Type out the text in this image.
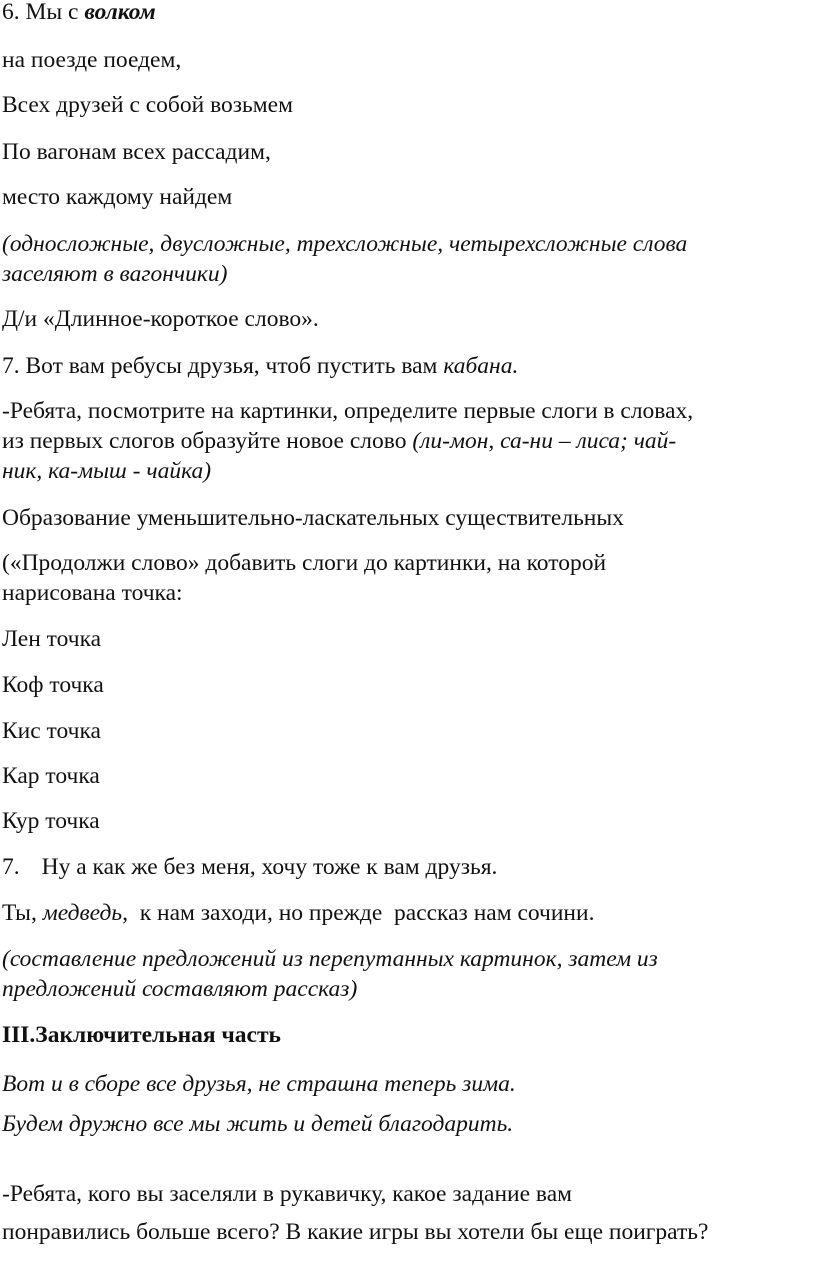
6. Мы с волком
на поезде поедем,
Всех друзей с собой возьмем
По вагонам всех рассадим,
место каждому найдем
(односложные, двусложные, трехсложные, четырехсложные слова
заселяют в вагончики)
Д/и «Длинное-короткое слово».
7. Вот вам ребусы друзья, чтоб пустить вам кабана.
-Ребята, посмотрите на картинки, определите первые слоги в словах,
из первых слогов образуйте новое слово (ли-мон, са-ни – лиса; чай-
ник, ка-мыш - чайка)
Образование уменьшительно-ласкательных существительных
(«Продолжи слово» добавить слоги до картинки, на которой
нарисована точка:
Лен точка
Коф точка
Кис точка
Кар точка
Кур точка
7. Ну а как же без меня, хочу тоже к вам друзья.
Ты, медведь,  к нам заходи, но прежде  рассказ нам сочини.
(составление предложений из перепутанных картинок, затем из
предложений составляют рассказ)
III.Заключительная часть
Вот и в сборе все друзья, не страшна теперь зима.
Будем дружно все мы жить и детей благодарить.
-Ребята, кого вы заселяли в рукавичку, какое задание вам
понравились больше всего? В какие игры вы хотели бы еще поиграть?
